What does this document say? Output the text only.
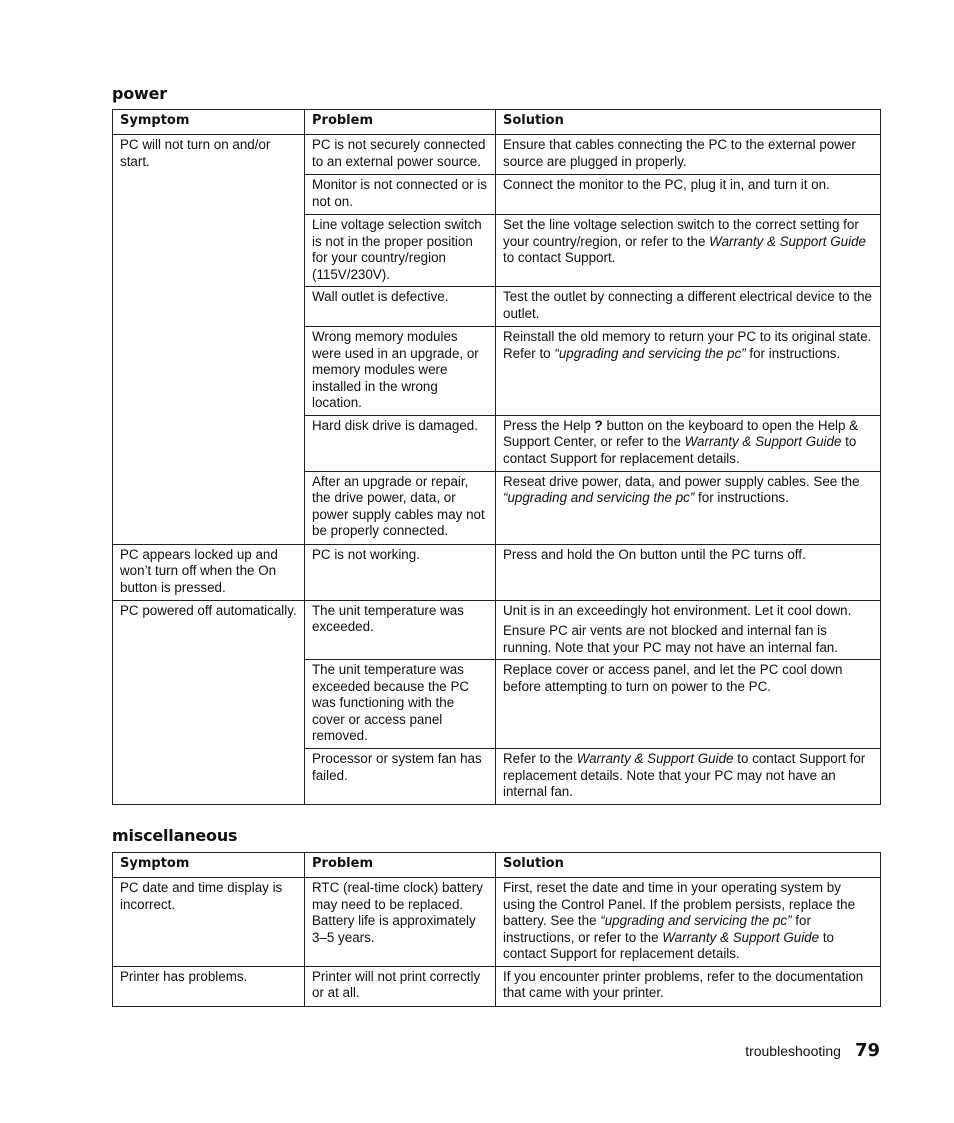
power
Symptom	Problem	Solution
PC will not turn on and/or start.	PC is not securely connected to an external power source.	Ensure that cables connecting the PC to the external power source are plugged in properly.
	Monitor is not connected or is not on.	Connect the monitor to the PC, plug it in, and turn it on.
	Line voltage selection switch is not in the proper position for your country/region (115V/230V).	Set the line voltage selection switch to the correct setting for your country/region, or refer to the Warranty & Support Guide to contact Support.
	Wall outlet is defective.	Test the outlet by connecting a different electrical device to the outlet.
	Wrong memory modules were used in an upgrade, or memory modules were installed in the wrong location.	Reinstall the old memory to return your PC to its original state. Refer to “upgrading and servicing the pc” for instructions.
	Hard disk drive is damaged.	Press the Help ? button on the keyboard to open the Help & Support Center, or refer to the Warranty & Support Guide to contact Support for replacement details.
	After an upgrade or repair, the drive power, data, or power supply cables may not be properly connected.	Reseat drive power, data, and power supply cables. See the “upgrading and servicing the pc” for instructions.
PC appears locked up and won’t turn off when the On button is pressed.	PC is not working.	Press and hold the On button until the PC turns off.
PC powered off automatically.	The unit temperature was exceeded.	Unit is in an exceedingly hot environment. Let it cool down.
Ensure PC air vents are not blocked and internal fan is running. Note that your PC may not have an internal fan.
	The unit temperature was exceeded because the PC was functioning with the cover or access panel removed.	Replace cover or access panel, and let the PC cool down before attempting to turn on power to the PC.
	Processor or system fan has failed.	Refer to the Warranty & Support Guide to contact Support for replacement details. Note that your PC may not have an internal fan.
miscellaneous
Symptom	Problem	Solution
PC date and time display is incorrect.	RTC (real-time clock) battery may need to be replaced. Battery life is approximately 3–5 years.	First, reset the date and time in your operating system by using the Control Panel. If the problem persists, replace the battery. See the “upgrading and servicing the pc” for instructions, or refer to the Warranty & Support Guide to contact Support for replacement details.
Printer has problems.	Printer will not print correctly or at all.	If you encounter printer problems, refer to the documentation that came with your printer.
troubleshooting 79
